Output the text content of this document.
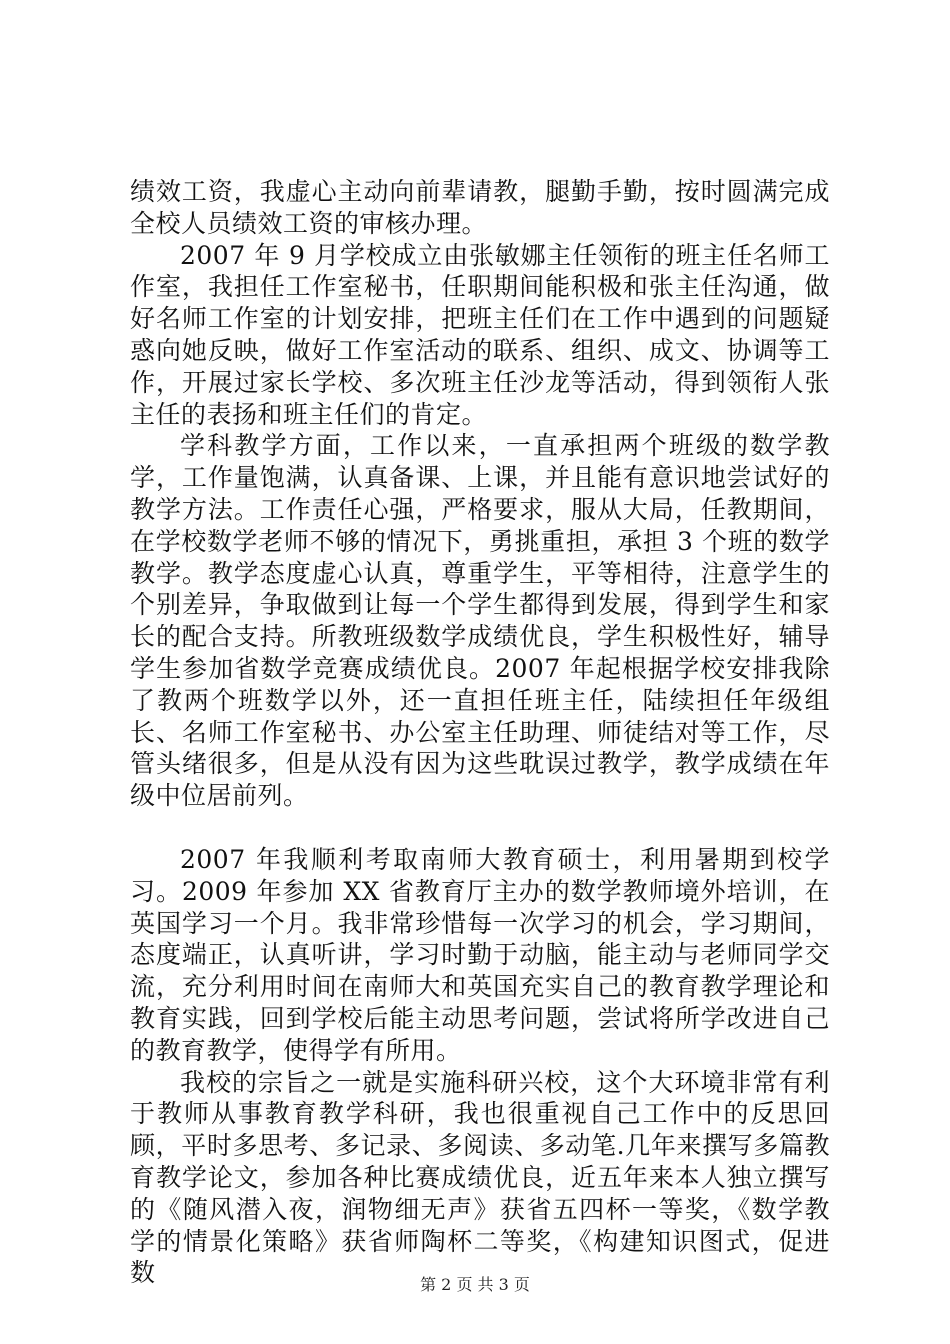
绩效工资，我虚心主动向前辈请教，腿勤手勤，按时圆满完成全校人员绩效工资的审核办理。

2007 年 9 月学校成立由张敏娜主任领衔的班主任名师工作室，我担任工作室秘书，任职期间能积极和张主任沟通，做好名师工作室的计划安排，把班主任们在工作中遇到的问题疑惑向她反映，做好工作室活动的联系、组织、成文、协调等工作，开展过家长学校、多次班主任沙龙等活动，得到领衔人张主任的表扬和班主任们的肯定。

学科教学方面，工作以来，一直承担两个班级的数学教学，工作量饱满，认真备课、上课，并且能有意识地尝试好的教学方法。工作责任心强，严格要求，服从大局，任教期间，在学校数学老师不够的情况下，勇挑重担，承担 3 个班的数学教学。教学态度虚心认真，尊重学生，平等相待，注意学生的个别差异，争取做到让每一个学生都得到发展，得到学生和家长的配合支持。所教班级数学成绩优良，学生积极性好，辅导学生参加省数学竞赛成绩优良。2007 年起根据学校安排我除了教两个班数学以外，还一直担任班主任，陆续担任年级组长、名师工作室秘书、办公室主任助理、师徒结对等工作，尽管头绪很多，但是从没有因为这些耽误过教学，教学成绩在年级中位居前列。

2007 年我顺利考取南师大教育硕士，利用暑期到校学习。2009 年参加 XX 省教育厅主办的数学教师境外培训，在英国学习一个月。我非常珍惜每一次学习的机会，学习期间，态度端正，认真听讲，学习时勤于动脑，能主动与老师同学交流，充分利用时间在南师大和英国充实自己的教育教学理论和教育实践，回到学校后能主动思考问题，尝试将所学改进自己的教育教学，使得学有所用。

我校的宗旨之一就是实施科研兴校，这个大环境非常有利于教师从事教育教学科研，我也很重视自己工作中的反思回顾，平时多思考、多记录、多阅读、多动笔.几年来撰写多篇教育教学论文，参加各种比赛成绩优良，近五年来本人独立撰写的《随风潜入夜，润物细无声》获省五四杯一等奖，《数学教学的情景化策略》获省师陶杯二等奖，《构建知识图式，促进数	第 2 页 共 3 页
